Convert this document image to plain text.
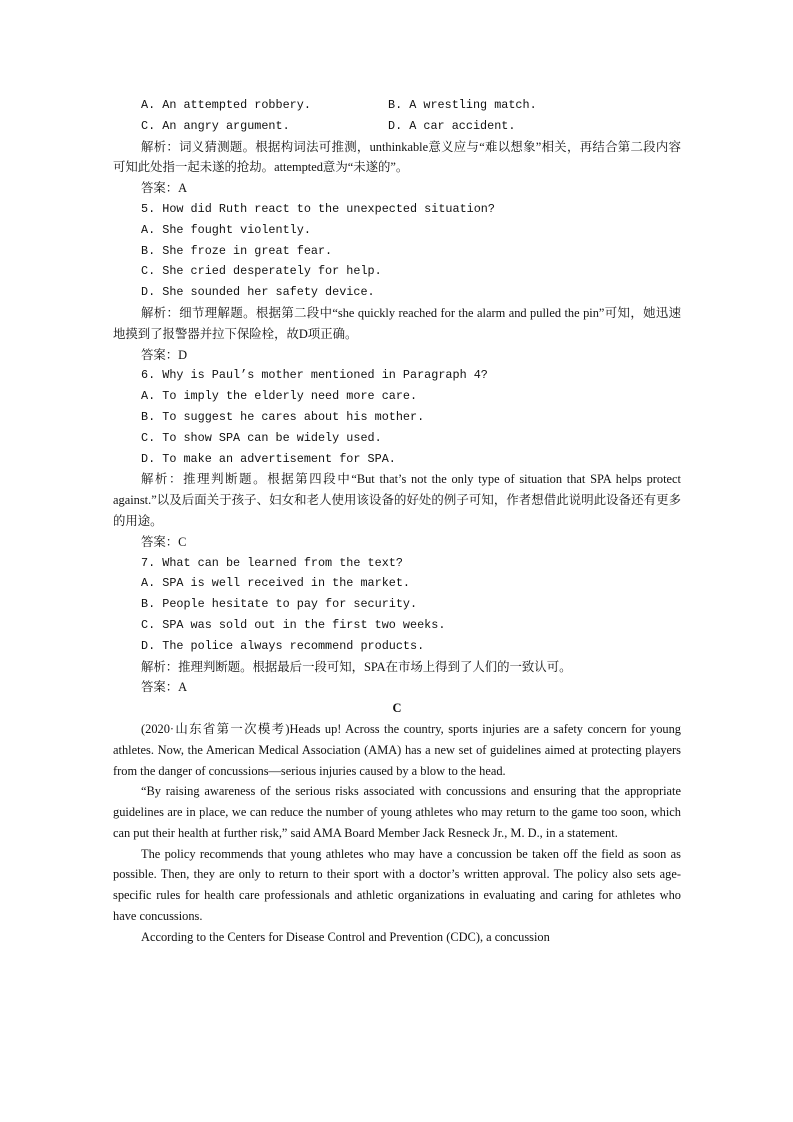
A. An attempted robbery.	B. A wrestling match.
C. An angry argument.	D. A car accident.
解析：词义猜测题。根据构词法可推测，unthinkable意义应与“难以想象”相关，再结合第二段内容可知此处指一起未遂的抢劫。attempted意为“未遂的”。
答案：A
5. How did Ruth react to the unexpected situation?
A. She fought violently.
B. She froze in great fear.
C. She cried desperately for help.
D. She sounded her safety device.
解析：细节理解题。根据第二段中“she quickly reached for the alarm and pulled the pin”可知，她迅速地摸到了报警器并拉下保险栓，故D项正确。
答案：D
6. Why is Paul’s mother mentioned in Paragraph 4?
A. To imply the elderly need more care.
B. To suggest he cares about his mother.
C. To show SPA can be widely used.
D. To make an advertisement for SPA.
解析：推理判断题。根据第四段中“But that’s not the only type of situation that SPA helps protect against.”以及后面关于孩子、妇女和老人使用该设备的好处的例子可知，作者想借此说明此设备还有更多的用途。
答案：C
7. What can be learned from the text?
A. SPA is well received in the market.
B. People hesitate to pay for security.
C. SPA was sold out in the first two weeks.
D. The police always recommend products.
解析：推理判断题。根据最后一段可知，SPA在市场上得到了人们的一致认可。
答案：A
C
(2020·山东省第一次模考)Heads up! Across the country, sports injuries are a safety concern for young athletes. Now, the American Medical Association (AMA) has a new set of guidelines aimed at protecting players from the danger of concussions—serious injuries caused by a blow to the head.
“By raising awareness of the serious risks associated with concussions and ensuring that the appropriate guidelines are in place, we can reduce the number of young athletes who may return to the game too soon, which can put their health at further risk,” said AMA Board Member Jack Resneck Jr., M. D., in a statement.
The policy recommends that young athletes who may have a concussion be taken off the field as soon as possible. Then, they are only to return to their sport with a doctor’s written approval. The policy also sets age-specific rules for health care professionals and athletic organizations in evaluating and caring for athletes who have concussions.
According to the Centers for Disease Control and Prevention (CDC), a concussion
